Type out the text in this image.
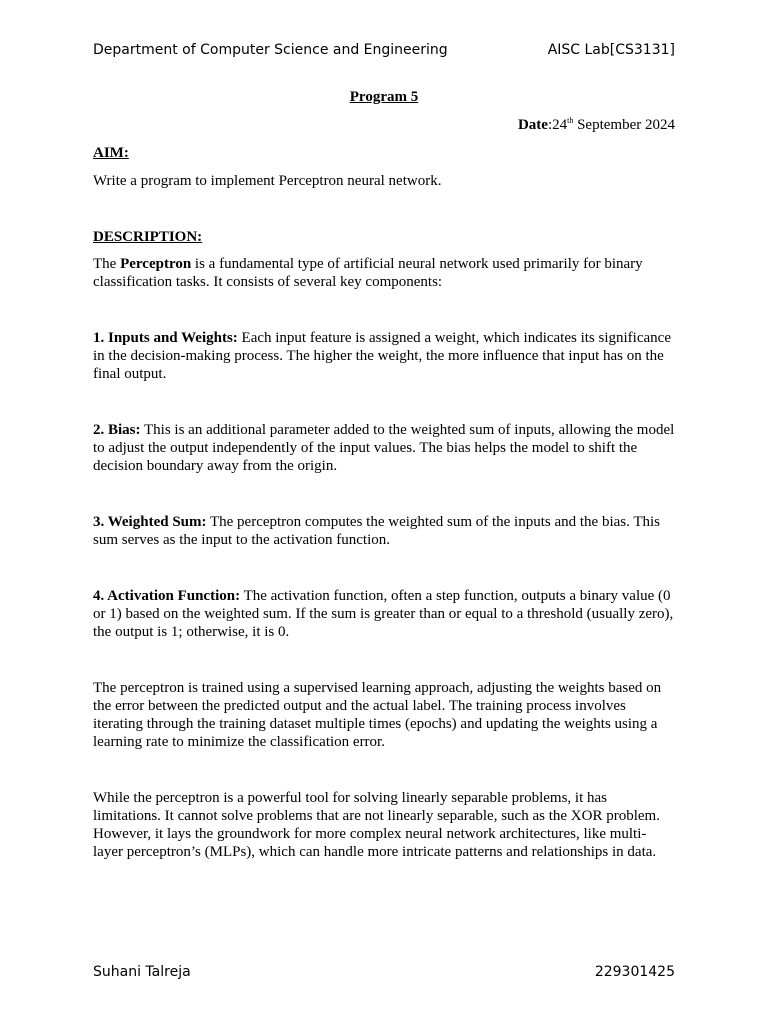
Department of Computer Science and Engineering	AISC Lab[CS3131]
Program 5
Date:24th September 2024
AIM:
Write a program to implement Perceptron neural network.
DESCRIPTION:
The Perceptron is a fundamental type of artificial neural network used primarily for binary classification tasks. It consists of several key components:
1. Inputs and Weights: Each input feature is assigned a weight, which indicates its significance in the decision-making process. The higher the weight, the more influence that input has on the final output.
2. Bias: This is an additional parameter added to the weighted sum of inputs, allowing the model to adjust the output independently of the input values. The bias helps the model to shift the decision boundary away from the origin.
3. Weighted Sum: The perceptron computes the weighted sum of the inputs and the bias. This sum serves as the input to the activation function.
4. Activation Function: The activation function, often a step function, outputs a binary value (0 or 1) based on the weighted sum. If the sum is greater than or equal to a threshold (usually zero), the output is 1; otherwise, it is 0.
The perceptron is trained using a supervised learning approach, adjusting the weights based on the error between the predicted output and the actual label. The training process involves iterating through the training dataset multiple times (epochs) and updating the weights using a learning rate to minimize the classification error.
While the perceptron is a powerful tool for solving linearly separable problems, it has limitations. It cannot solve problems that are not linearly separable, such as the XOR problem. However, it lays the groundwork for more complex neural network architectures, like multi-layer perceptron’s (MLPs), which can handle more intricate patterns and relationships in data.
Suhani Talreja	229301425
